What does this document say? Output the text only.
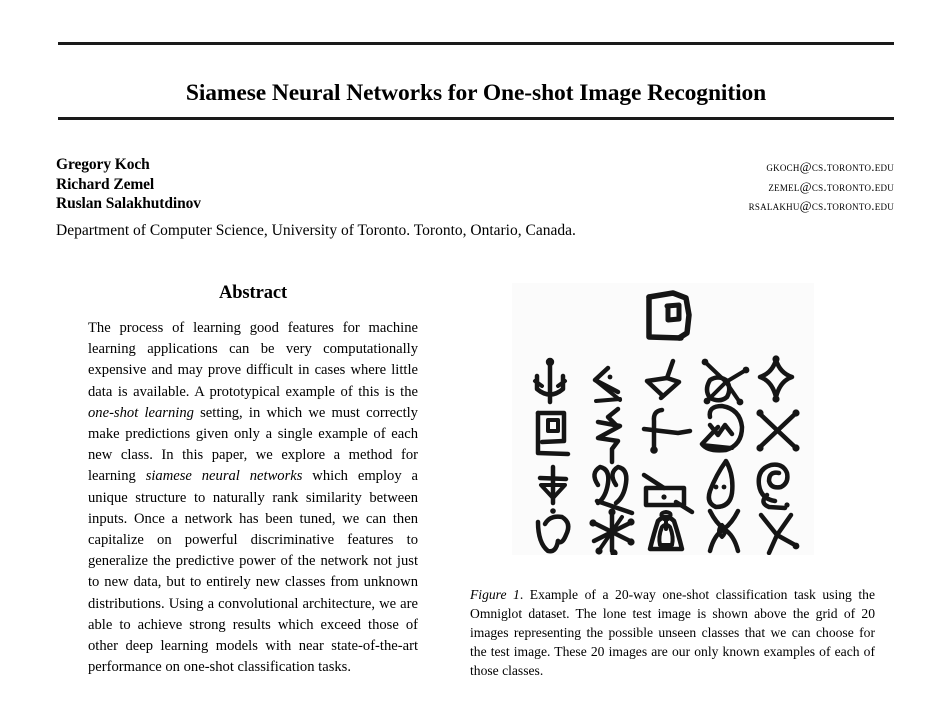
Siamese Neural Networks for One-shot Image Recognition
Gregory Koch
Richard Zemel
Ruslan Salakhutdinov
gkoch@cs.toronto.edu
zemel@cs.toronto.edu
rsalakhu@cs.toronto.edu
Department of Computer Science, University of Toronto. Toronto, Ontario, Canada.
Abstract

The process of learning good features for machine learning applications can be very computationally expensive and may prove difficult in cases where little data is available. A prototypical example of this is the one-shot learning setting, in which we must correctly make predictions given only a single example of each new class. In this paper, we explore a method for learning siamese neural networks which employ a unique structure to naturally rank similarity between inputs. Once a network has been tuned, we can then capitalize on powerful discriminative features to generalize the predictive power of the network not just to new data, but to entirely new classes from unknown distributions. Using a convolutional architecture, we are able to achieve strong results which exceed those of other deep learning models with near state-of-the-art performance on one-shot classification tasks.

Figure 1. Example of a 20-way one-shot classification task using the Omniglot dataset. The lone test image is shown above the grid of 20 images representing the possible unseen classes that we can choose for the test image. These 20 images are our only known examples of each of those classes.
